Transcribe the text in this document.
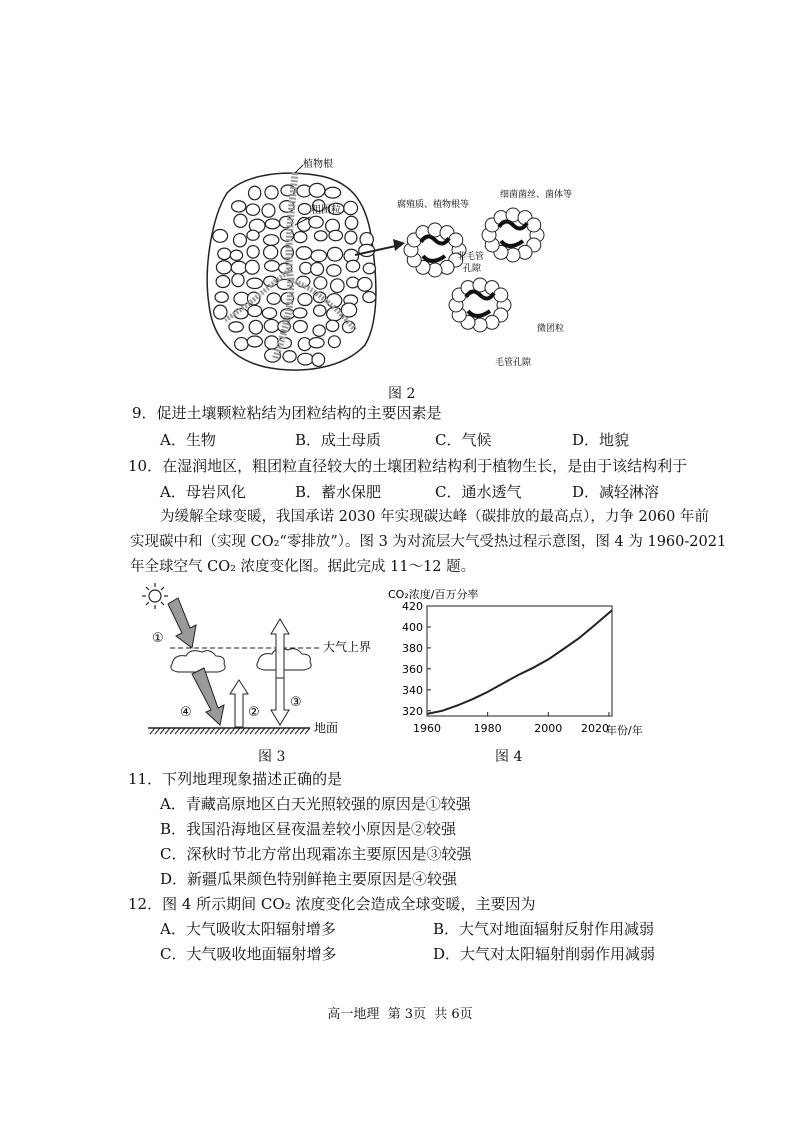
植物根
粗团粒	腐殖质、植物根等
细菌菌丝、菌体等
非毛管
孔隙
微团粒
毛管孔隙
图 2
9．促进土壤颗粒粘结为团粒结构的主要因素是
A．生物	B．成土母质	C．气候	D．地貌
10．在湿润地区，粗团粒直径较大的土壤团粒结构利于植物生长，是由于该结构利于
A．母岩风化	B．蓄水保肥	C．通水透气	D．减轻淋溶
为缓解全球变暖，我国承诺 2030 年实现碳达峰（碳排放的最高点），力争 2060 年前
实现碳中和（实现 CO₂“零排放”）。图 3 为对流层大气受热过程示意图，图 4 为 1960-2021
年全球空气 CO₂ 浓度变化图。据此完成 11～12 题。
大气上界
①
④	②
③
地面
图 3
CO₂浓度/百万分率
320
340
360
380
400
420
1960	1980	2000 2020
年份/年
图 4
11．下列地理现象描述正确的是
A．青藏高原地区白天光照较强的原因是①较强
B．我国沿海地区昼夜温差较小原因是②较强
C．深秋时节北方常出现霜冻主要原因是③较强
D．新疆瓜果颜色特别鲜艳主要原因是④较强
12．图 4 所示期间 CO₂ 浓度变化会造成全球变暖，主要因为
A．大气吸收太阳辐射增多	B．大气对地面辐射反射作用减弱
C．大气吸收地面辐射增多	D．大气对太阳辐射削弱作用减弱
高一地理  第 3页  共 6页
